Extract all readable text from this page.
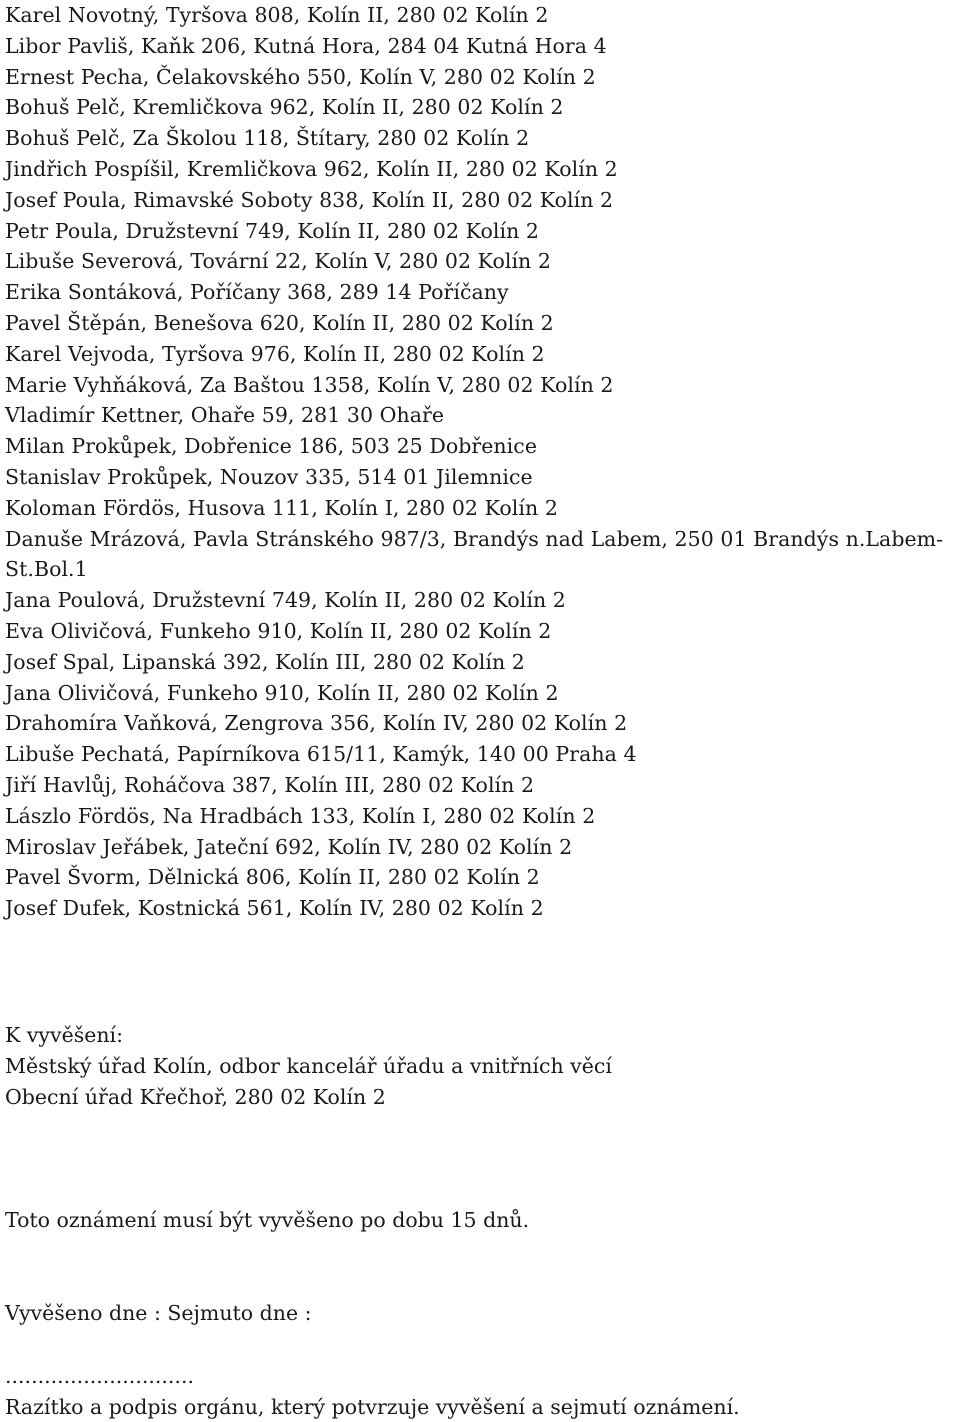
Karel Novotný, Tyršova 808, Kolín II, 280 02 Kolín 2

Libor Pavliš, Kaňk 206, Kutná Hora, 284 04 Kutná Hora 4

Ernest Pecha, Čelakovského 550, Kolín V, 280 02 Kolín 2

Bohuš Pelč, Kremličkova 962, Kolín II, 280 02 Kolín 2

Bohuš Pelč, Za Školou 118, Štítary, 280 02 Kolín 2

Jindřich Pospíšil, Kremličkova 962, Kolín II, 280 02 Kolín 2

Josef Poula, Rimavské Soboty 838, Kolín II, 280 02 Kolín 2

Petr Poula, Družstevní 749, Kolín II, 280 02 Kolín 2

Libuše Severová, Tovární 22, Kolín V, 280 02 Kolín 2

Erika Sontáková, Poříčany 368, 289 14 Poříčany

Pavel Štěpán, Benešova 620, Kolín II, 280 02 Kolín 2

Karel Vejvoda, Tyršova 976, Kolín II, 280 02 Kolín 2

Marie Vyhňáková, Za Baštou 1358, Kolín V, 280 02 Kolín 2

Vladimír Kettner, Ohaře 59, 281 30 Ohaře

Milan Prokůpek, Dobřenice 186, 503 25 Dobřenice

Stanislav Prokůpek, Nouzov 335, 514 01 Jilemnice

Koloman Fördös, Husova 111, Kolín I, 280 02 Kolín 2

Danuše Mrázová, Pavla Stránského 987/3, Brandýs nad Labem, 250 01 Brandýs n.Labem-St.Bol.1

Jana Poulová, Družstevní 749, Kolín II, 280 02 Kolín 2

Eva Olivičová, Funkeho 910, Kolín II, 280 02 Kolín 2

Josef Spal, Lipanská 392, Kolín III, 280 02 Kolín 2

Jana Olivičová, Funkeho 910, Kolín II, 280 02 Kolín 2

Drahomíra Vaňková, Zengrova 356, Kolín IV, 280 02 Kolín 2

Libuše Pechatá, Papírníkova 615/11, Kamýk, 140 00 Praha 4

Jiří Havlůj, Roháčova 387, Kolín III, 280 02 Kolín 2

Lászlo Fördös, Na Hradbách 133, Kolín I, 280 02 Kolín 2

Miroslav Jeřábek, Jateční 692, Kolín IV, 280 02 Kolín 2

Pavel Švorm, Dělnická 806, Kolín II, 280 02 Kolín 2

Josef Dufek, Kostnická 561, Kolín IV, 280 02 Kolín 2

K vyvěšení:

Městský úřad Kolín, odbor kancelář úřadu a vnitřních věcí

Obecní úřad Křečhoř, 280 02 Kolín 2

Toto oznámení musí být vyvěšeno po dobu 15 dnů.

Vyvěšeno dne : Sejmuto dne :

.............................

Razítko a podpis orgánu, který potvrzuje vyvěšení a sejmutí oznámení.
